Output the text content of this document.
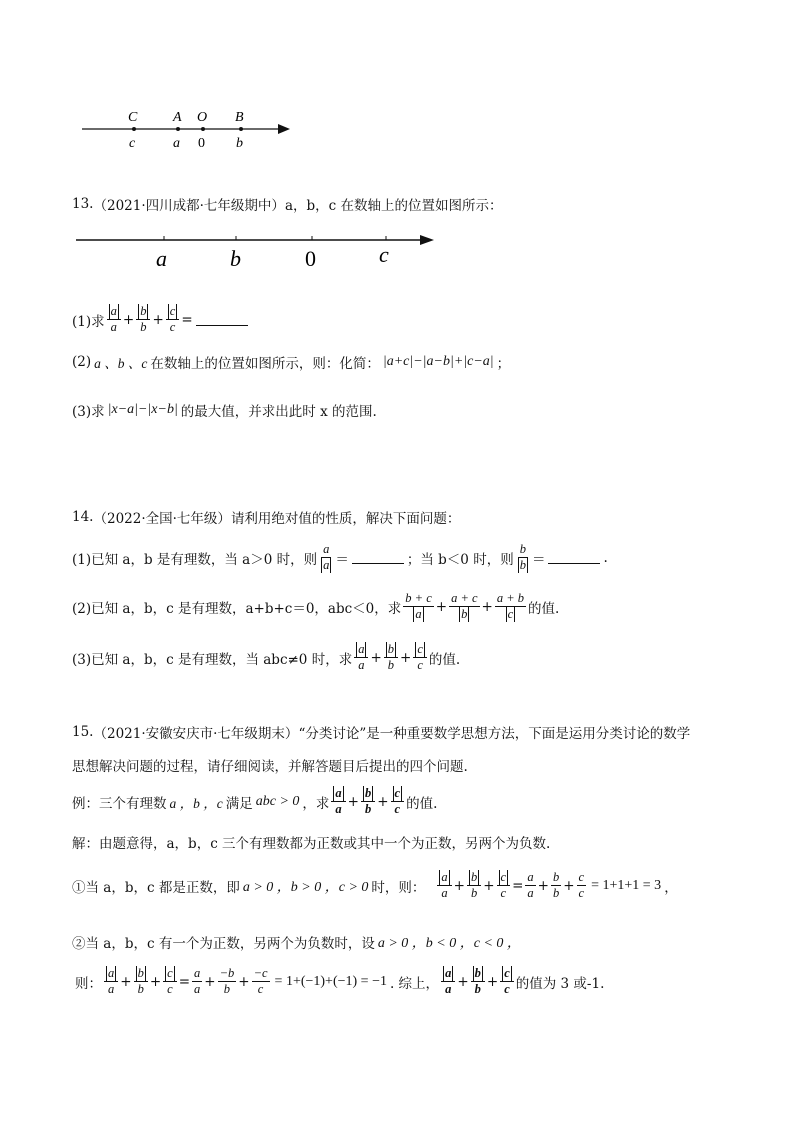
C	A O B
c	a 0 b
13. （2021·四川成都·七年级期中） a，b，c 在数轴上的位置如图所示：
a	b	0	c
(1)求 $\frac{a}{a} + \frac{b}{b} + \frac{c}{c}$ =
(2) a 、b 、c 在数轴上的位置如图所示，则：化简： |a+c|−|a−b|+|c−a| ；
(3)求 |x−a|−|x−b| 的最大值，并求出此时 x 的范围.
14. （2022·全国·七年级） 请利用绝对值的性质，解决下面问题：
(1)已知 a，b 是有理数，当 a＞0 时，则 $\frac{a}{a}$ ＝	；当 b＜0 时，则 $\frac{b}{b}$ ＝	.
(2)已知 a，b，c 是有理数，a+b+c＝0，abc＜0，求 $\frac{b + c}{a} + \frac{a + c}{b} + \frac{a + b}{c}$ 的值.
(3)已知 a，b，c 是有理数，当 abc≠0 时，求 $\frac{a}{a} + \frac{b}{b} + \frac{c}{c}$ 的值.
15. （2021·安徽安庆市·七年级期末） “分类讨论”是一种重要数学思想方法，下面是运用分类讨论的数学
思想解决问题的过程，请仔细阅读，并解答题目后提出的四个问题.
例：三个有理数 a ，b ，c 满足 abc > 0 ，求 $\frac{a}{a} + \frac{b}{b} + \frac{c}{c}$ 的值.
解：由题意得，a，b，c 三个有理数都为正数或其中一个为正数，另两个为负数.
①当 a，b，c 都是正数，即 a > 0 ，b > 0 ，c > 0 时，则： $\frac{a}{a} + \frac{b}{b} + \frac{c}{c} = \frac{a}{a} + \frac{b}{b} + \frac{c}{c} = 1+1+1 = 3$ ，
②当 a，b，c 有一个为正数，另两个为负数时，设 a > 0 ，b < 0 ，c < 0 ，
则： $\frac{a}{a} + \frac{b}{b} + \frac{c}{c} = \frac{a}{a} + \frac{-b}{b} + \frac{-c}{c} = 1+(-1)+(-1) = -1$ . 综上， $\frac{a}{a} + \frac{b}{b} + \frac{c}{c}$ 的值为 3 或-1.
